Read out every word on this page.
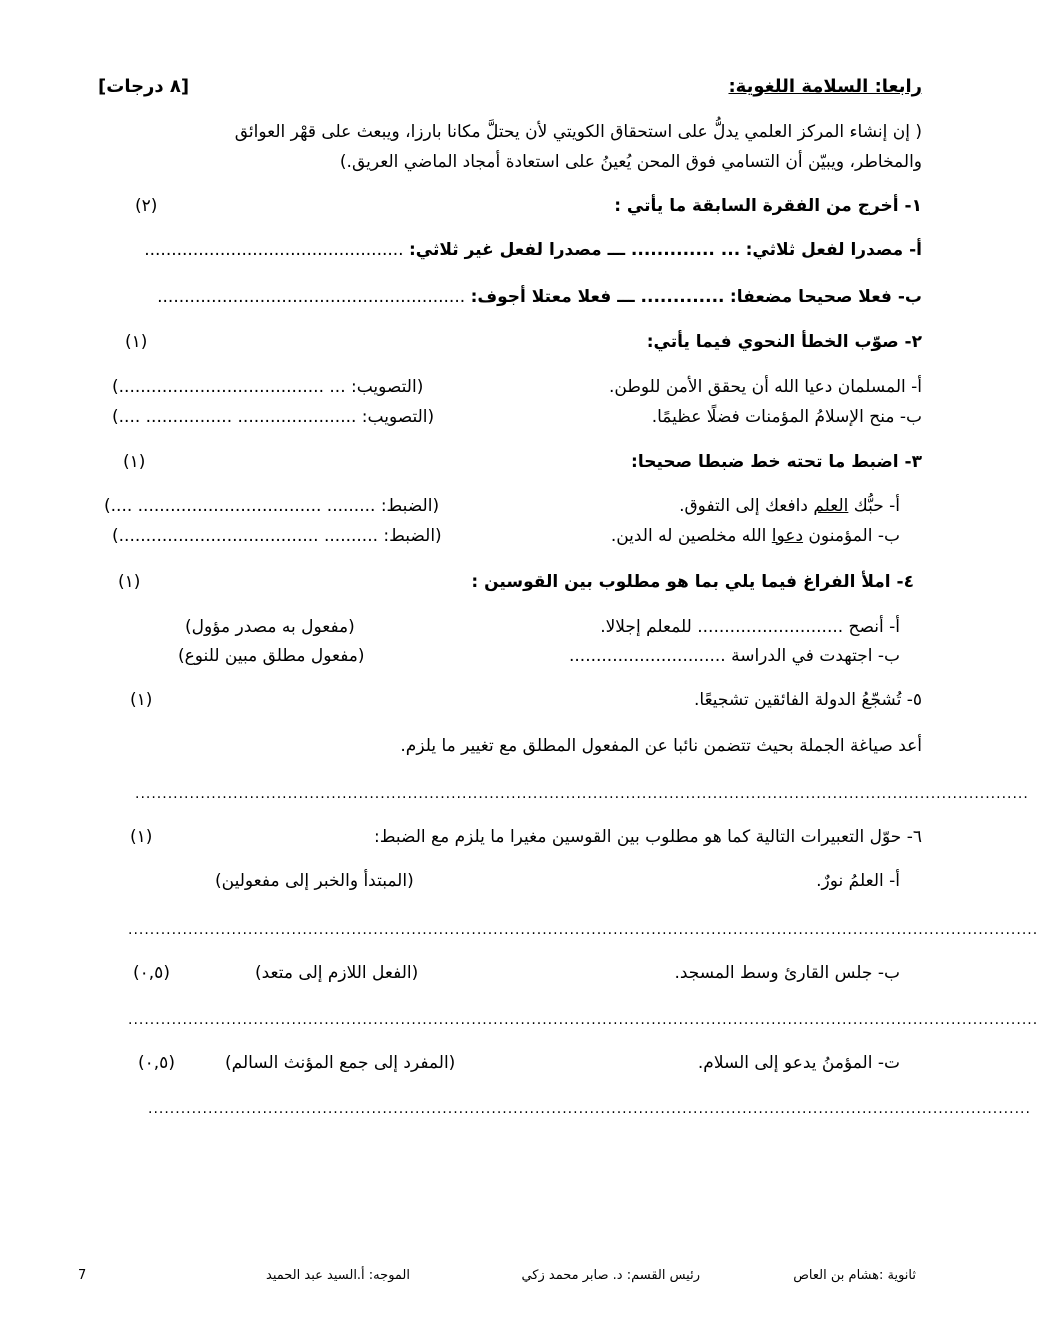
رابعا: السلامة اللغوية:
[٨ درجات]
( إن إنشاء المركز العلمي يدلُّ على استحقاق الكويتي لأن يحتلَّ مكانا بارزا، ويبعث على قهْر العوائق
والمخاطر، ويبيّن أن التسامي فوق المحن يُعينُ على استعادة أمجاد الماضي العريق.)
١- أخرج من الفقرة السابقة ما يأتي :
(٢)
أ- مصدرا لفعل ثلاثي: ... ............. ـــ مصدرا لفعل غير ثلاثي: ................................................
ب- فعلا صحيحا مضعفا: ............. ـــ فعلا معتلا أجوف: .........................................................
٢- صوّب الخطأ النحوي فيما يأتي:
(١)
أ- المسلمان دعيا الله أن يحقق الأمن للوطن.
(التصويب: ... ......................................)
ب- منح الإسلامُ المؤمنات فضلًا عظيمًا.
(التصويب: ...................... ................ ....)
٣- اضبط ما تحته خط ضبطا صحيحا:
(١)
أ- حبُّك العلم دافعك إلى التفوق.
(الضبط: ......... .................................. ....)
ب- المؤمنون دعوا الله مخلصين له الدين.
(الضبط: .......... .....................................)
٤- املأ الفراغ فيما يلي بما هو مطلوب بين القوسين :
(١)
أ- أنصح ........................... للمعلم إجلالا.
(مفعول به مصدر مؤول)
ب- اجتهدت في الدراسة .............................
(مفعول مطلق مبين للنوع)
٥- تُشجّعُ الدولة الفائقين تشجيعًا.
(١)
أعد صياغة الجملة بحيث تتضمن نائبا عن المفعول المطلق مع تغيير ما يلزم.
....................................................................................................................................................................
٦- حوّل التعبيرات التالية كما هو مطلوب بين القوسين مغيرا ما يلزم مع الضبط:
(١)
أ- العلمُ نورٌ.
(المبتدأ والخبر إلى مفعولين)
.......................................................................................................................................................................
ب- جلس القارئ وسط المسجد.
(الفعل اللازم إلى متعد)
(٠,٥)
.......................................................................................................................................................................
ت- المؤمنُ يدعو إلى السلام.
(المفرد إلى جمع المؤنث السالم)
(٠,٥)
..................................................................................................................................................................
ثانوية :هشام بن العاص
رئيس القسم: د. صابر محمد زكي
الموجه: أ.السيد عبد الحميد
7
